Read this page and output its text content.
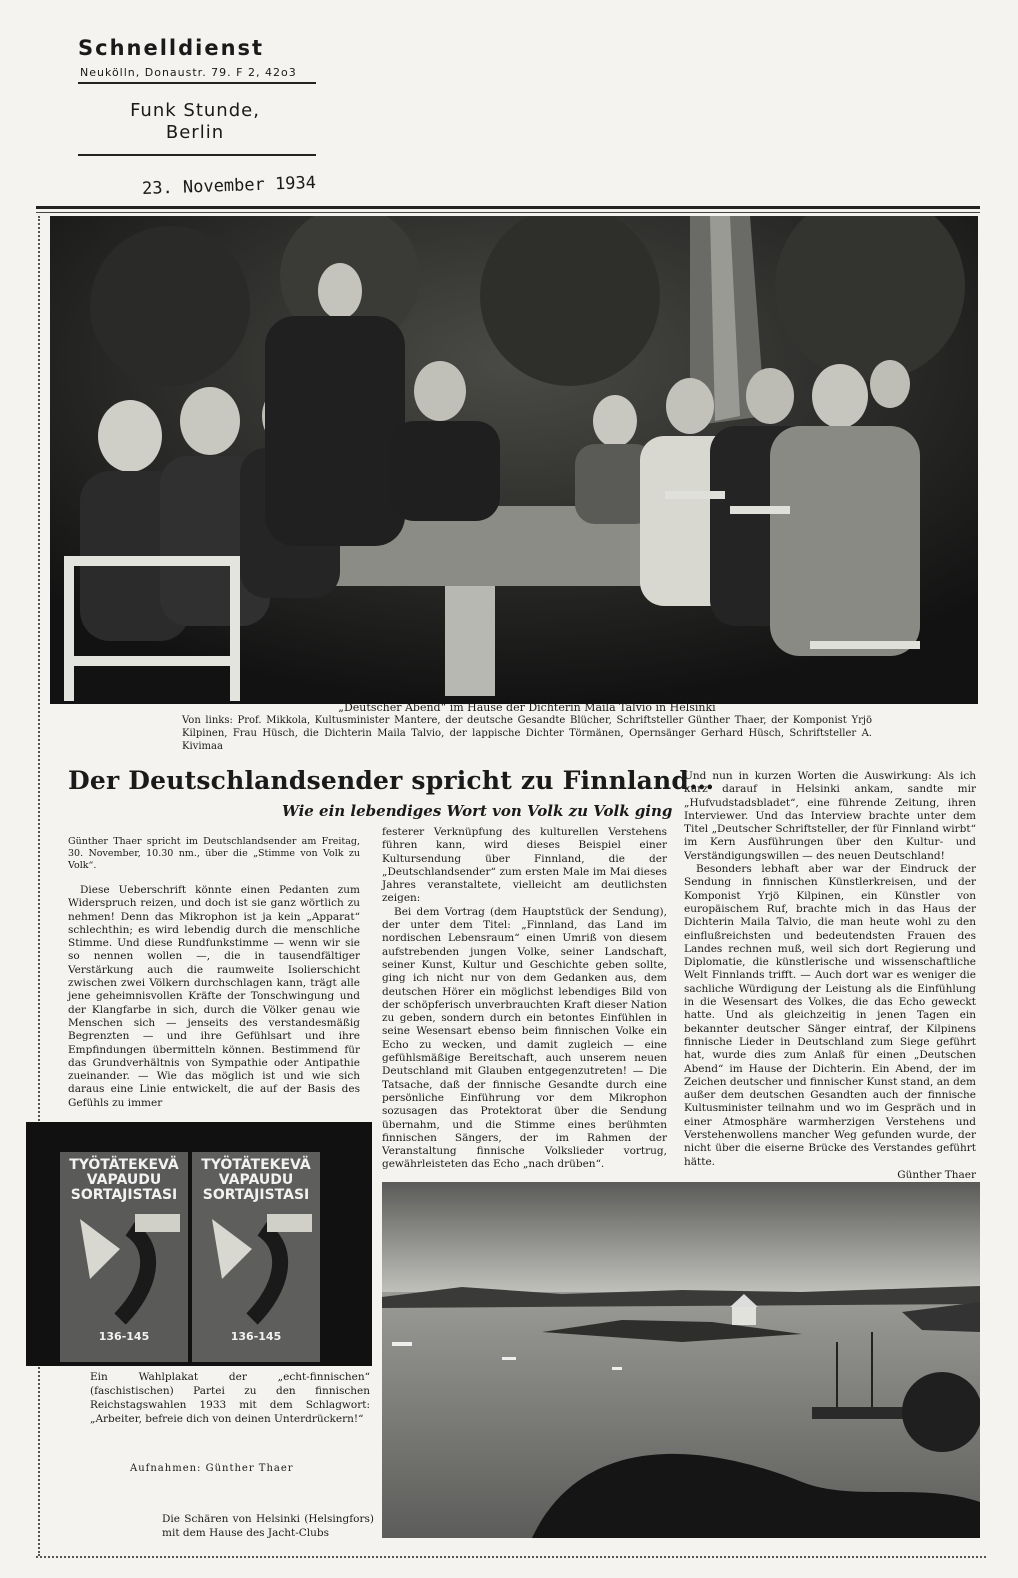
Schnelldienst
Neukölln, Donaustr. 79. F 2, 42o3
Funk Stunde,
Berlin
23. November 1934
„Deutscher Abend“ im Hause der Dichterin Maila Talvio in Helsinki
Von links: Prof. Mikkola, Kultusminister Mantere, der deutsche Gesandte Blücher, Schriftsteller Günther Thaer, der Komponist Yrjö Kilpinen, Frau Hüsch, die Dichterin Maila Talvio, der lappische Dichter Törmänen, Opernsänger Gerhard Hüsch, Schriftsteller A. Kivimaa
Der Deutschlandsender spricht zu Finnland…
Wie ein lebendiges Wort von Volk zu Volk ging

Günther Thaer spricht im Deutschlandsender am Freitag, 30. November, 10.30 nm., über die „Stimme von Volk zu Volk“.

Diese Ueberschrift könnte einen Pedanten zum Widerspruch reizen, und doch ist sie ganz wörtlich zu nehmen! Denn das Mikrophon ist ja kein „Apparat“ schlechthin; es wird lebendig durch die menschliche Stimme. Und diese Rundfunkstimme — wenn wir sie so nennen wollen —, die in tausendfältiger Verstärkung auch die raumweite Isolierschicht zwischen zwei Völkern durchschlagen kann, trägt alle jene geheimnisvollen Kräfte der Tonschwingung und der Klangfarbe in sich, durch die Völker genau wie Menschen sich — jenseits des verstandesmäßig Begrenzten — und ihre Gefühlsart und ihre Empfindungen übermitteln können. Bestimmend für das Grundverhältnis von Sympathie oder Antipathie zueinander. — Wie das möglich ist und wie sich daraus eine Linie entwickelt, die auf der Basis des Gefühls zu immer

festerer Verknüpfung des kulturellen Verstehens führen kann, wird dieses Beispiel einer Kultursendung über Finnland, die der „Deutschlandsender“ zum ersten Male im Mai dieses Jahres veranstaltete, vielleicht am deutlichsten zeigen:

Bei dem Vortrag (dem Hauptstück der Sendung), der unter dem Titel: „Finnland, das Land im nordischen Lebensraum“ einen Umriß von diesem aufstrebenden jungen Volke, seiner Landschaft, seiner Kunst, Kultur und Geschichte geben sollte, ging ich nicht nur von dem Gedanken aus, dem deutschen Hörer ein möglichst lebendiges Bild von der schöpferisch unverbrauchten Kraft dieser Nation zu geben, sondern durch ein betontes Einfühlen in seine Wesensart ebenso beim finnischen Volke ein Echo zu wecken, und damit zugleich — eine gefühlsmäßige Bereitschaft, auch unserem neuen Deutschland mit Glauben entgegenzutreten! — Die Tatsache, daß der finnische Gesandte durch eine persönliche Einführung vor dem Mikrophon sozusagen das Protektorat über die Sendung übernahm, und die Stimme eines berühmten finnischen Sängers, der im Rahmen der Veranstaltung finnische Volkslieder vortrug, gewährleisteten das Echo „nach drüben“.

Und nun in kurzen Worten die Auswirkung: Als ich kurz darauf in Helsinki ankam, sandte mir „Hufvudstadsbladet“, eine führende Zeitung, ihren Interviewer. Und das Interview brachte unter dem Titel „Deutscher Schriftsteller, der für Finnland wirbt“ im Kern Ausführungen über den Kultur- und Verständigungswillen — des neuen Deutschland!

Besonders lebhaft aber war der Eindruck der Sendung in finnischen Künstlerkreisen, und der Komponist Yrjö Kilpinen, ein Künstler von europäischem Ruf, brachte mich in das Haus der Dichterin Maila Talvio, die man heute wohl zu den einflußreichsten und bedeutendsten Frauen des Landes rechnen muß, weil sich dort Regierung und Diplomatie, die künstlerische und wissenschaftliche Welt Finnlands trifft. — Auch dort war es weniger die sachliche Würdigung der Leistung als die Einfühlung in die Wesensart des Volkes, die das Echo geweckt hatte. Und als gleichzeitig in jenen Tagen ein bekannter deutscher Sänger eintraf, der Kilpinens finnische Lieder in Deutschland zum Siege geführt hat, wurde dies zum Anlaß für einen „Deutschen Abend“ im Hause der Dichterin. Ein Abend, der im Zeichen deutscher und finnischer Kunst stand, an dem außer dem deutschen Gesandten auch der finnische Kultusminister teilnahm und wo im Gespräch und in einer Atmosphäre warmherzigen Verstehens und Verstehenwollens mancher Weg gefunden wurde, der nicht über die eiserne Brücke des Verstandes geführt hätte.

Günther Thaer

TYÖTÄTEKEVÄ
VAPAUDU
SORTAJISTASI
136-145
TYÖTÄTEKEVÄ
VAPAUDU
SORTAJISTASI
136-145
Ein Wahlplakat der „echt-finnischen“ (faschistischen) Partei zu den finnischen Reichstagswahlen 1933 mit dem Schlagwort: „Arbeiter, befreie dich von deinen Unterdrückern!“
Aufnahmen: Günther Thaer
Die Schären von Helsinki (Helsingfors) mit dem Hause des Jacht-Clubs
